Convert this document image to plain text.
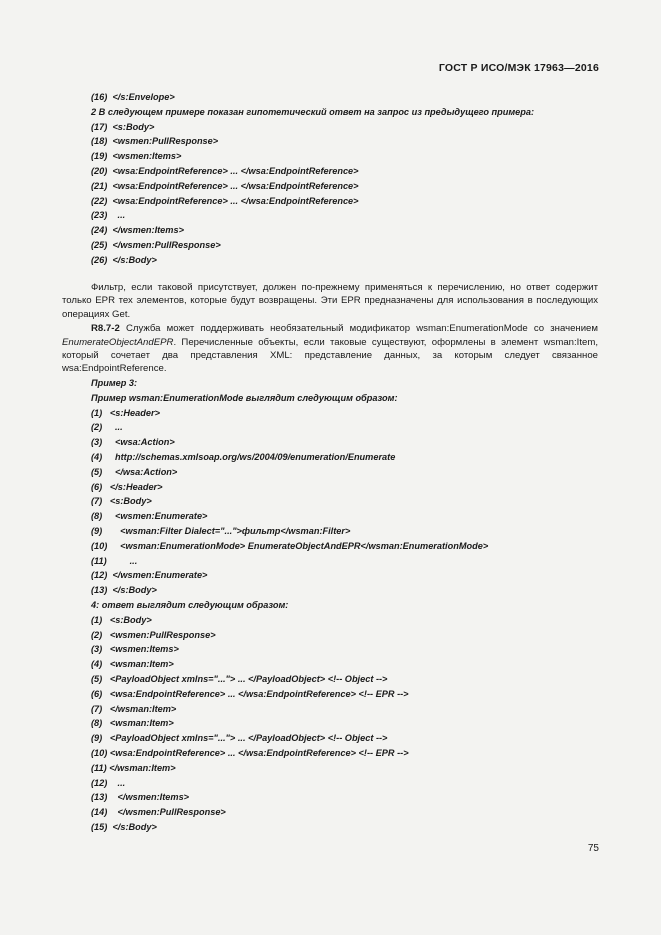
ГОСТ Р ИСО/МЭК 17963—2016
(16)  </s:Envelope>
2 В следующем примере показан гипотетический ответ на запрос из предыдущего примера:
(17)  <s:Body>
(18)  <wsmen:PullResponse>
(19)  <wsmen:Items>
(20)  <wsa:EndpointReference> ... </wsa:EndpointReference>
(21)  <wsa:EndpointReference> ... </wsa:EndpointReference>
(22)  <wsa:EndpointReference> ... </wsa:EndpointReference>
(23)    ...
(24)  </wsmen:Items>
(25)  </wsmen:PullResponse>
(26)  </s:Body>

Фильтр, если таковой присутствует, должен по-прежнему применяться к перечислению, но ответ содержит только EPR тех элементов, которые будут возвращены. Эти EPR предназначены для использования в последующих операциях Get.

R8.7-2 Служба может поддерживать необязательный модификатор wsman:EnumerationMode со значением EnumerateObjectAndEPR. Перечисленные объекты, если таковые существуют, оформлены в элемент wsman:Item, который сочетает два представления XML: представление данных, за которым следует связанное wsa:EndpointReference.

Пример 3:
Пример wsman:EnumerationMode выглядит следующим образом:
(1)   <s:Header>
(2)     ...
(3)     <wsa:Action>
(4)     http://schemas.xmlsoap.org/ws/2004/09/enumeration/Enumerate
(5)     </wsa:Action>
(6)   </s:Header>
(7)   <s:Body>
(8)     <wsmen:Enumerate>
(9)       <wsman:Filter Dialect="...">фильтр</wsman:Filter>
(10)     <wsman:EnumerationMode> EnumerateObjectAndEPR</wsman:EnumerationMode>
(11)         ...
(12)  </wsmen:Enumerate>
(13)  </s:Body>
4: ответ выглядит следующим образом:
(1)   <s:Body>
(2)   <wsmen:PullResponse>
(3)   <wsmen:Items>
(4)   <wsman:Item>
(5)   <PayloadObject xmlns="..."> ... </PayloadObject> <!-- Object -->
(6)   <wsa:EndpointReference> ... </wsa:EndpointReference> <!-- EPR -->
(7)   </wsman:Item>
(8)   <wsman:Item>
(9)   <PayloadObject xmlns="..."> ... </PayloadObject> <!-- Object -->
(10) <wsa:EndpointReference> ... </wsa:EndpointReference> <!-- EPR -->
(11) </wsman:Item>
(12)    ...
(13)    </wsmen:Items>
(14)    </wsmen:PullResponse>
(15)  </s:Body>
75
